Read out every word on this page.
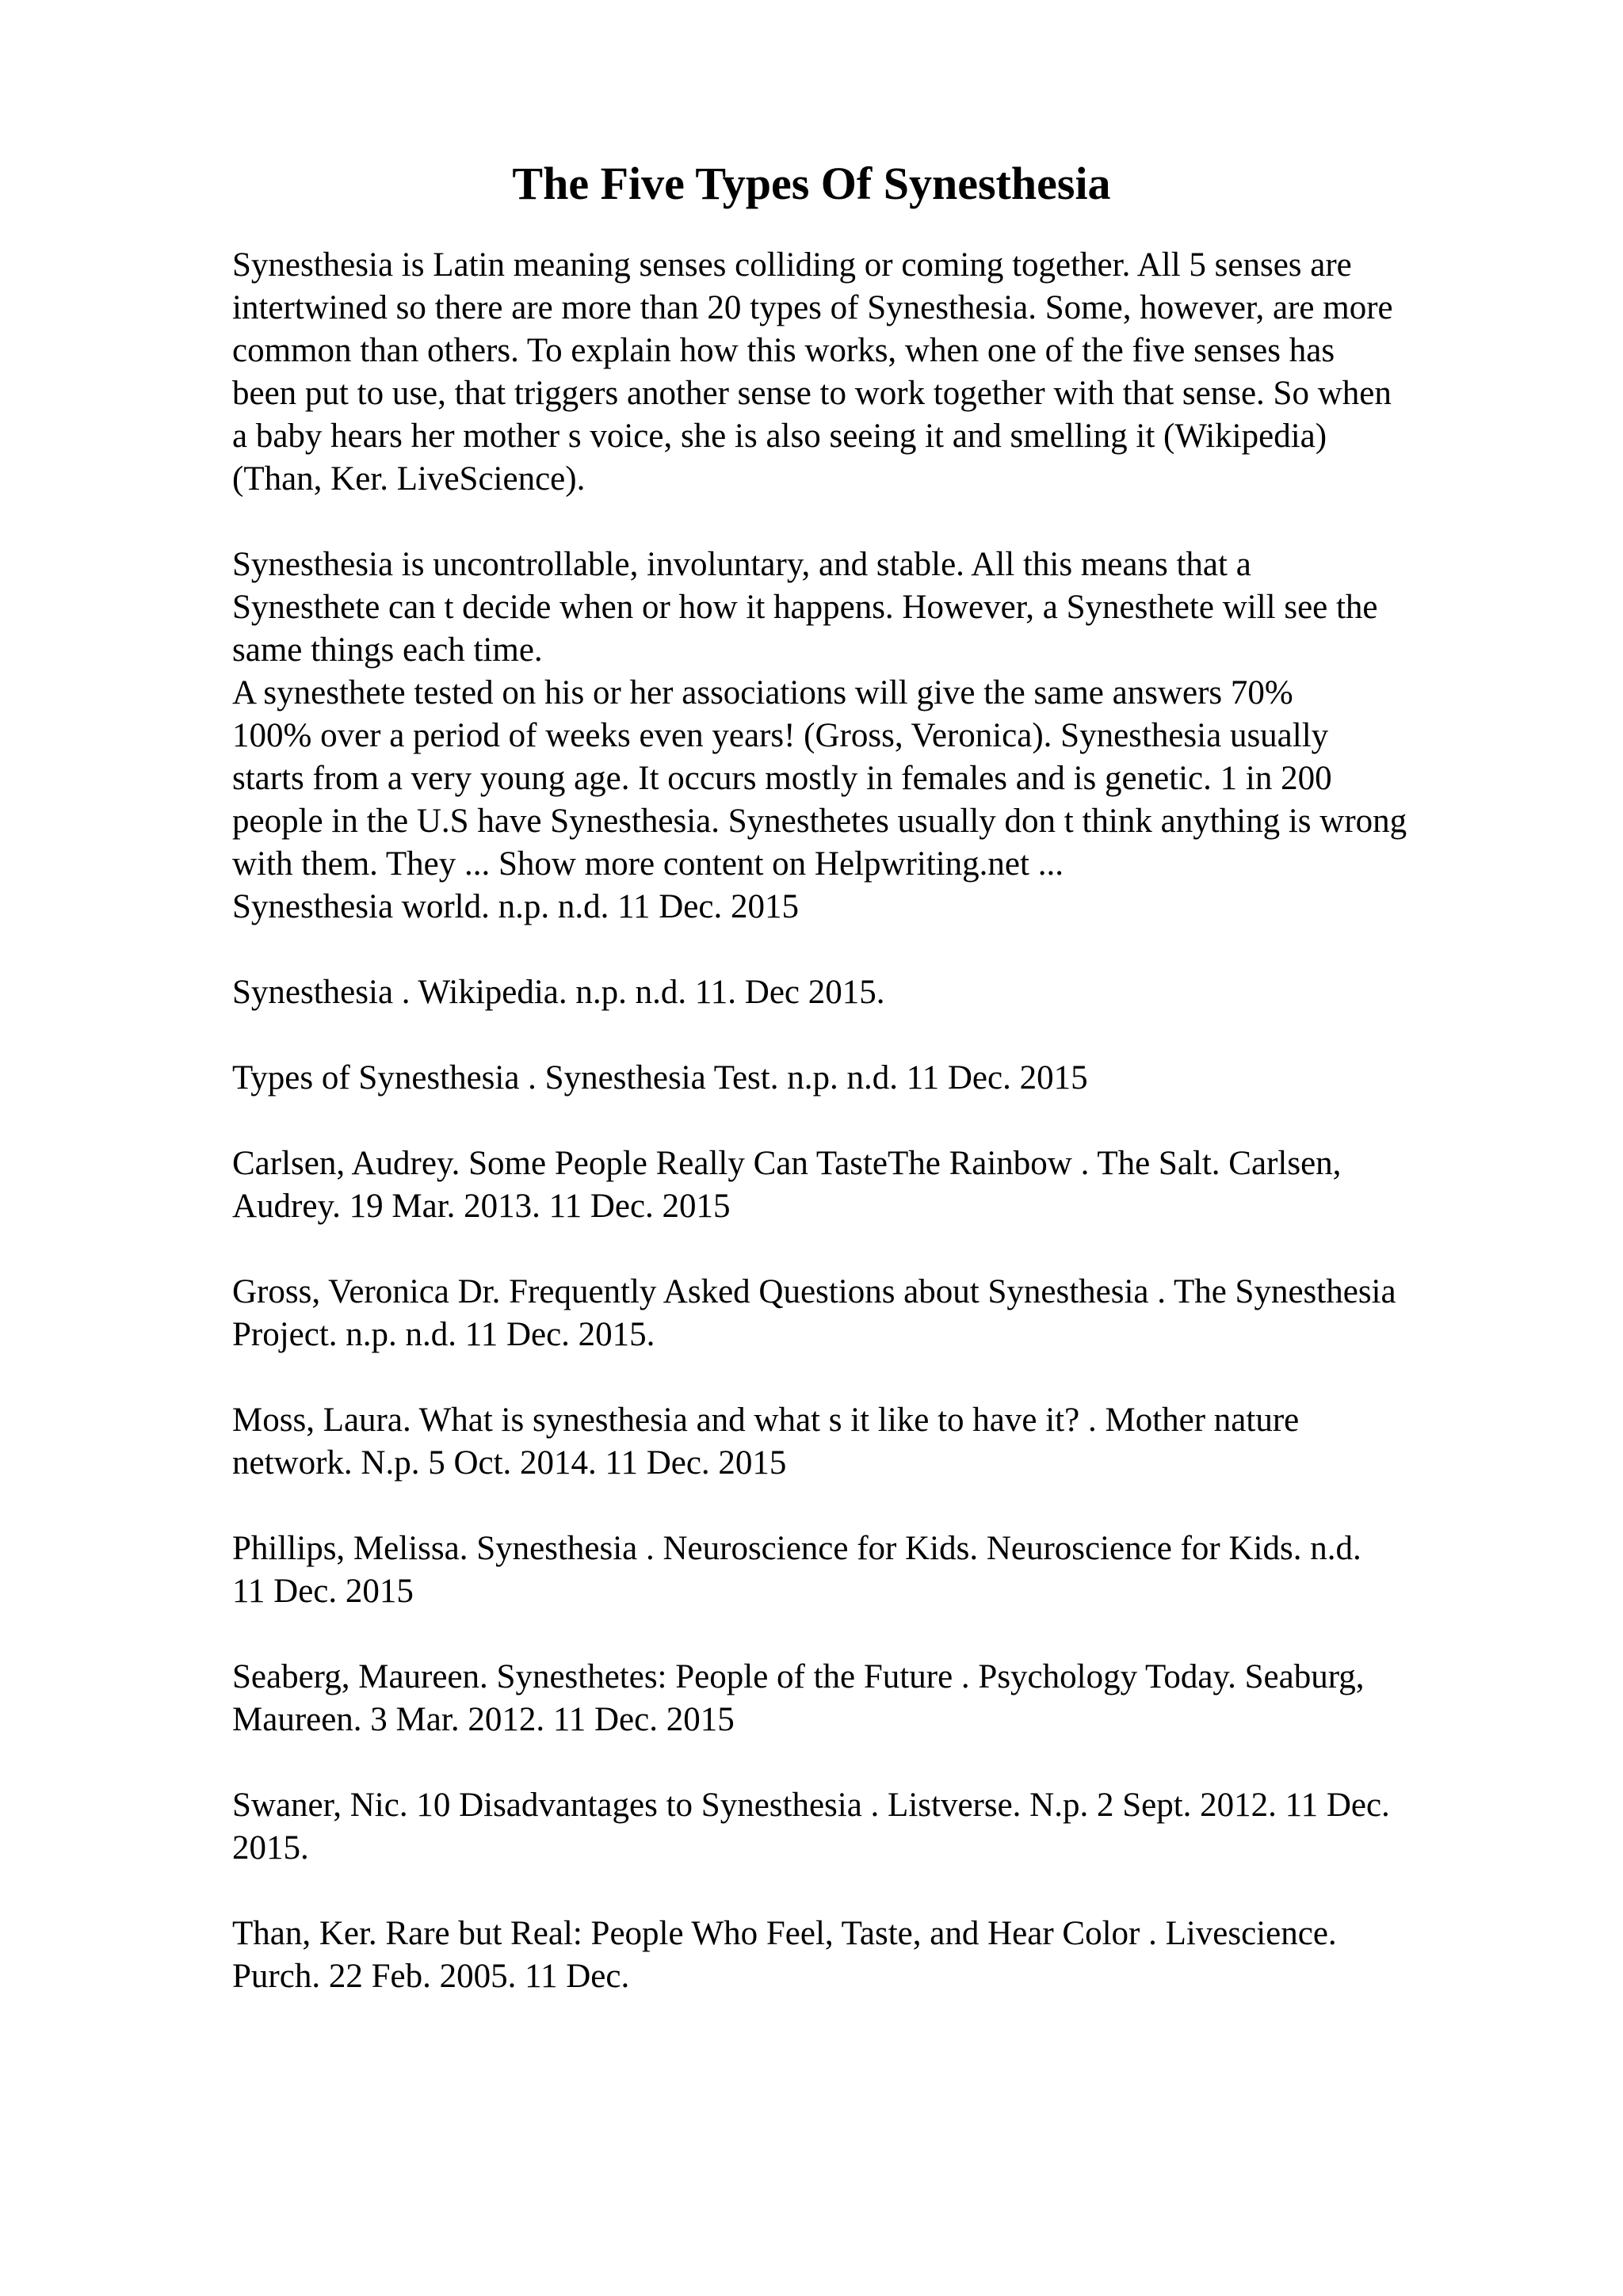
The Five Types Of Synesthesia
Synesthesia is Latin meaning senses colliding or coming together. All 5 senses are
intertwined so there are more than 20 types of Synesthesia. Some, however, are more
common than others. To explain how this works, when one of the five senses has
been put to use, that triggers another sense to work together with that sense. So when
a baby hears her mother s voice, she is also seeing it and smelling it (Wikipedia)
(Than, Ker. LiveScience).
Synesthesia is uncontrollable, involuntary, and stable. All this means that a
Synesthete can t decide when or how it happens. However, a Synesthete will see the
same things each time.
A synesthete tested on his or her associations will give the same answers 70%
100% over a period of weeks even years! (Gross, Veronica). Synesthesia usually
starts from a very young age. It occurs mostly in females and is genetic. 1 in 200
people in the U.S have Synesthesia. Synesthetes usually don t think anything is wrong
with them. They ... Show more content on Helpwriting.net ...
Synesthesia world. n.p. n.d. 11 Dec. 2015
Synesthesia . Wikipedia. n.p. n.d. 11. Dec 2015.
Types of Synesthesia . Synesthesia Test. n.p. n.d. 11 Dec. 2015
Carlsen, Audrey. Some People Really Can TasteThe Rainbow . The Salt. Carlsen,
Audrey. 19 Mar. 2013. 11 Dec. 2015
Gross, Veronica Dr. Frequently Asked Questions about Synesthesia . The Synesthesia
Project. n.p. n.d. 11 Dec. 2015.
Moss, Laura. What is synesthesia and what s it like to have it? . Mother nature
network. N.p. 5 Oct. 2014. 11 Dec. 2015
Phillips, Melissa. Synesthesia . Neuroscience for Kids. Neuroscience for Kids. n.d.
11 Dec. 2015
Seaberg, Maureen. Synesthetes: People of the Future . Psychology Today. Seaburg,
Maureen. 3 Mar. 2012. 11 Dec. 2015
Swaner, Nic. 10 Disadvantages to Synesthesia . Listverse. N.p. 2 Sept. 2012. 11 Dec.
2015.
Than, Ker. Rare but Real: People Who Feel, Taste, and Hear Color . Livescience.
Purch. 22 Feb. 2005. 11 Dec.
